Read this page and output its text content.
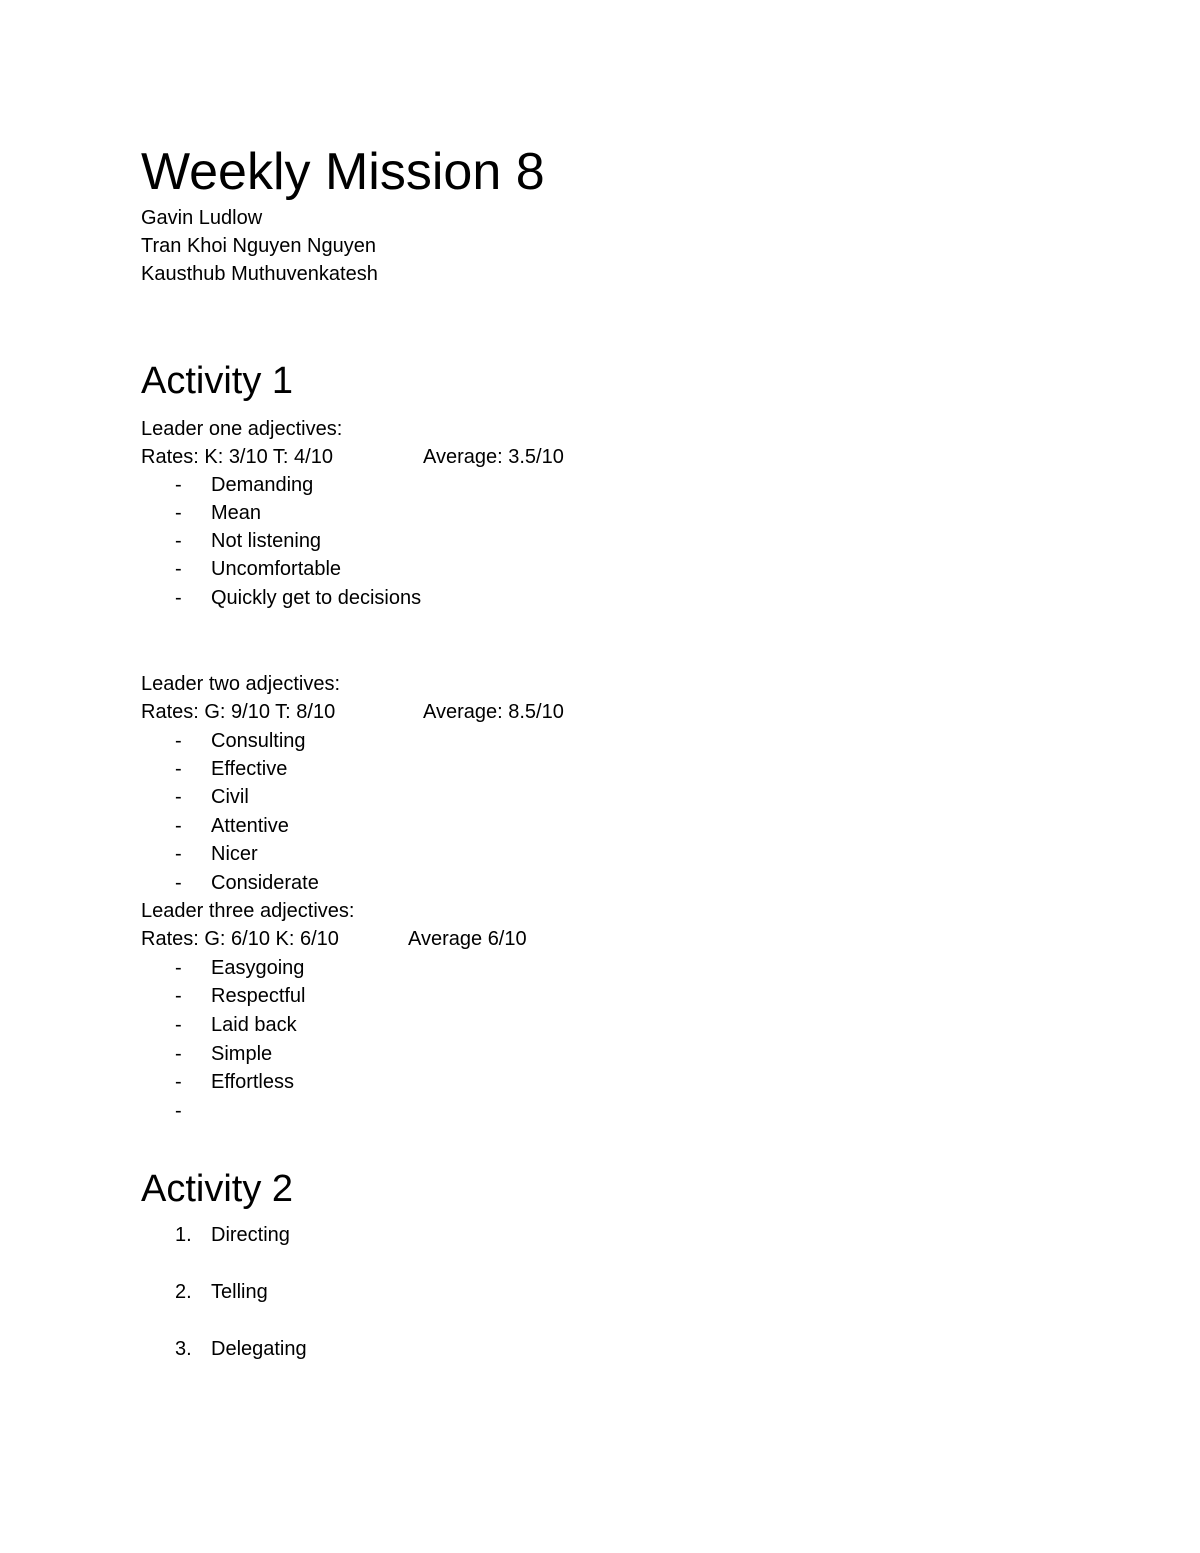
Weekly Mission 8
Gavin Ludlow
Tran Khoi Nguyen Nguyen
Kausthub Muthuvenkatesh
Activity 1
Leader one adjectives:
Rates: K: 3/10 T: 4/10	Average: 3.5/10
- Demanding
- Mean
- Not listening
- Uncomfortable
- Quickly get to decisions
Leader two adjectives:
Rates: G: 9/10 T: 8/10	Average: 8.5/10
- Consulting
- Effective
- Civil
- Attentive
- Nicer
- Considerate
Leader three adjectives:
Rates: G: 6/10 K: 6/10	Average 6/10
- Easygoing
- Respectful
- Laid back
- Simple
- Effortless
-
Activity 2
1. Directing
2. Telling
3. Delegating
